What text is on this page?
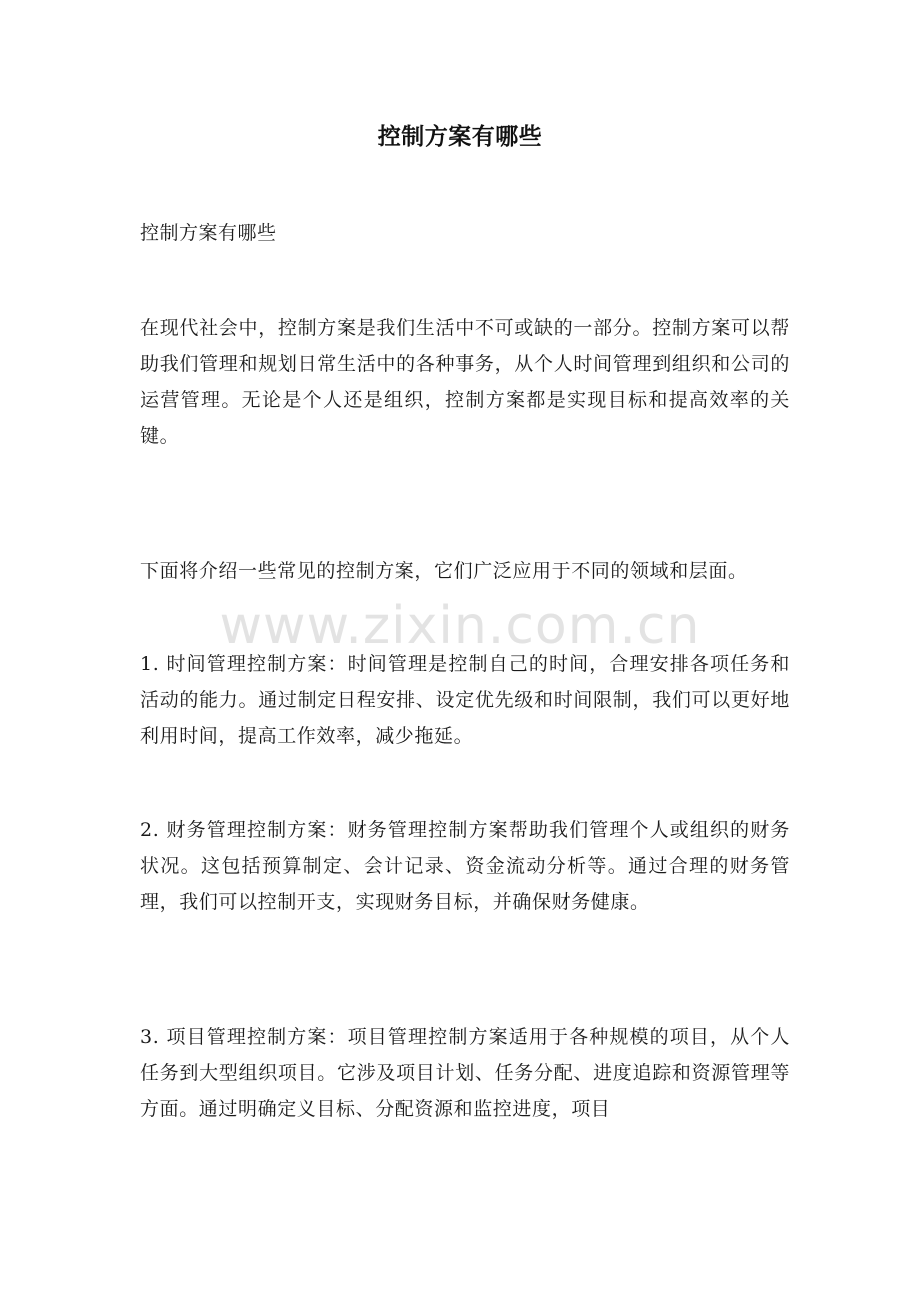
控制方案有哪些
控制方案有哪些
在现代社会中，控制方案是我们生活中不可或缺的一部分。控制方案可以帮助我们管理和规划日常生活中的各种事务，从个人时间管理到组织和公司的运营管理。无论是个人还是组织，控制方案都是实现目标和提高效率的关键。
下面将介绍一些常见的控制方案，它们广泛应用于不同的领域和层面。
1. 时间管理控制方案：时间管理是控制自己的时间，合理安排各项任务和活动的能力。通过制定日程安排、设定优先级和时间限制，我们可以更好地利用时间，提高工作效率，减少拖延。
2. 财务管理控制方案：财务管理控制方案帮助我们管理个人或组织的财务状况。这包括预算制定、会计记录、资金流动分析等。通过合理的财务管理，我们可以控制开支，实现财务目标，并确保财务健康。
3. 项目管理控制方案：项目管理控制方案适用于各种规模的项目，从个人任务到大型组织项目。它涉及项目计划、任务分配、进度追踪和资源管理等方面。通过明确定义目标、分配资源和监控进度，项目
www.zixin.com.cn
